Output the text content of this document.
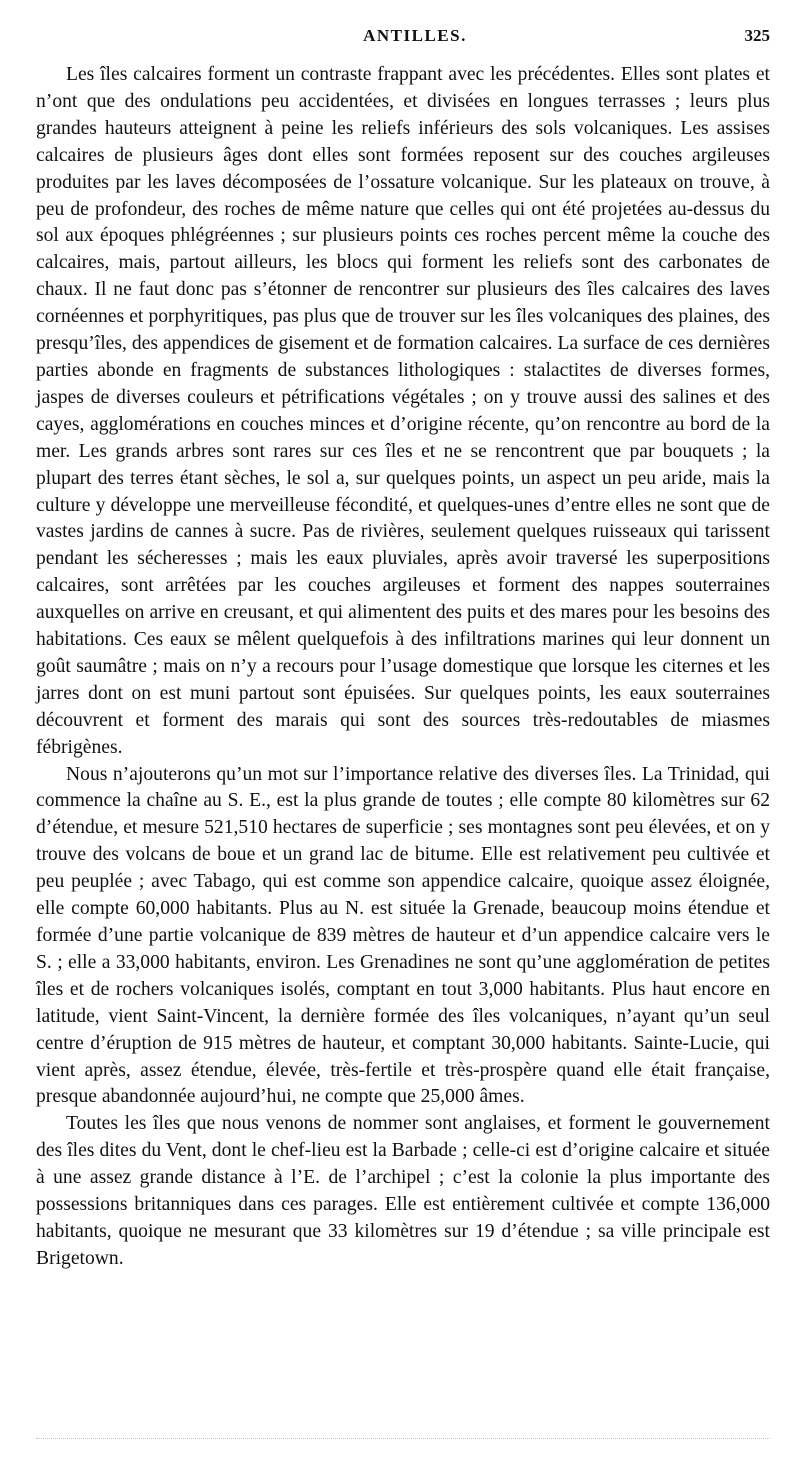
ANTILLES.	325

Les îles calcaires forment un contraste frappant avec les précédentes. Elles sont plates et n’ont que des ondulations peu accidentées, et divisées en longues terrasses ; leurs plus grandes hauteurs atteignent à peine les reliefs inférieurs des sols volcaniques. Les assises calcaires de plusieurs âges dont elles sont formées reposent sur des couches argileuses produites par les laves décomposées de l’ossature volcanique. Sur les plateaux on trouve, à peu de profondeur, des roches de même nature que celles qui ont été projetées au-dessus du sol aux époques phlégréennes ; sur plusieurs points ces roches percent même la couche des calcaires, mais, partout ailleurs, les blocs qui forment les reliefs sont des carbonates de chaux. Il ne faut donc pas s’étonner de rencontrer sur plusieurs des îles calcaires des laves cornéennes et porphyritiques, pas plus que de trouver sur les îles volcaniques des plaines, des presqu’îles, des appendices de gisement et de formation calcaires. La surface de ces dernières parties abonde en fragments de substances lithologiques : stalactites de diverses formes, jaspes de diverses couleurs et pétrifications végétales ; on y trouve aussi des salines et des cayes, agglomérations en couches minces et d’origine récente, qu’on rencontre au bord de la mer. Les grands arbres sont rares sur ces îles et ne se rencontrent que par bouquets ; la plupart des terres étant sèches, le sol a, sur quelques points, un aspect un peu aride, mais la culture y développe une merveilleuse fécondité, et quelques-unes d’entre elles ne sont que de vastes jardins de cannes à sucre. Pas de rivières, seulement quelques ruisseaux qui tarissent pendant les sécheresses ; mais les eaux pluviales, après avoir traversé les superpositions calcaires, sont arrêtées par les couches argileuses et forment des nappes souterraines auxquelles on arrive en creusant, et qui alimentent des puits et des mares pour les besoins des habitations. Ces eaux se mêlent quelquefois à des infiltrations marines qui leur donnent un goût saumâtre ; mais on n’y a recours pour l’usage domestique que lorsque les citernes et les jarres dont on est muni partout sont épuisées. Sur quelques points, les eaux souterraines découvrent et forment des marais qui sont des sources très-redoutables de miasmes fébrigènes.

Nous n’ajouterons qu’un mot sur l’importance relative des diverses îles. La Trinidad, qui commence la chaîne au S. E., est la plus grande de toutes ; elle compte 80 kilomètres sur 62 d’étendue, et mesure 521,510 hectares de superficie ; ses montagnes sont peu élevées, et on y trouve des volcans de boue et un grand lac de bitume. Elle est relativement peu cultivée et peu peuplée ; avec Tabago, qui est comme son appendice calcaire, quoique assez éloignée, elle compte 60,000 habitants. Plus au N. est située la Grenade, beaucoup moins étendue et formée d’une partie volcanique de 839 mètres de hauteur et d’un appendice calcaire vers le S. ; elle a 33,000 habitants, environ. Les Grenadines ne sont qu’une agglomération de petites îles et de rochers volcaniques isolés, comptant en tout 3,000 habitants. Plus haut encore en latitude, vient Saint-Vincent, la dernière formée des îles volcaniques, n’ayant qu’un seul centre d’éruption de 915 mètres de hauteur, et comptant 30,000 habitants. Sainte-Lucie, qui vient après, assez étendue, élevée, très-fertile et très-prospère quand elle était française, presque abandonnée aujourd’hui, ne compte que 25,000 âmes.

Toutes les îles que nous venons de nommer sont anglaises, et forment le gouvernement des îles dites du Vent, dont le chef-lieu est la Barbade ; celle-ci est d’origine calcaire et située à une assez grande distance à l’E. de l’archipel ; c’est la colonie la plus importante des possessions britanniques dans ces parages. Elle est entièrement cultivée et compte 136,000 habitants, quoique ne mesurant que 33 kilomètres sur 19 d’étendue ; sa ville principale est Brigetown.
